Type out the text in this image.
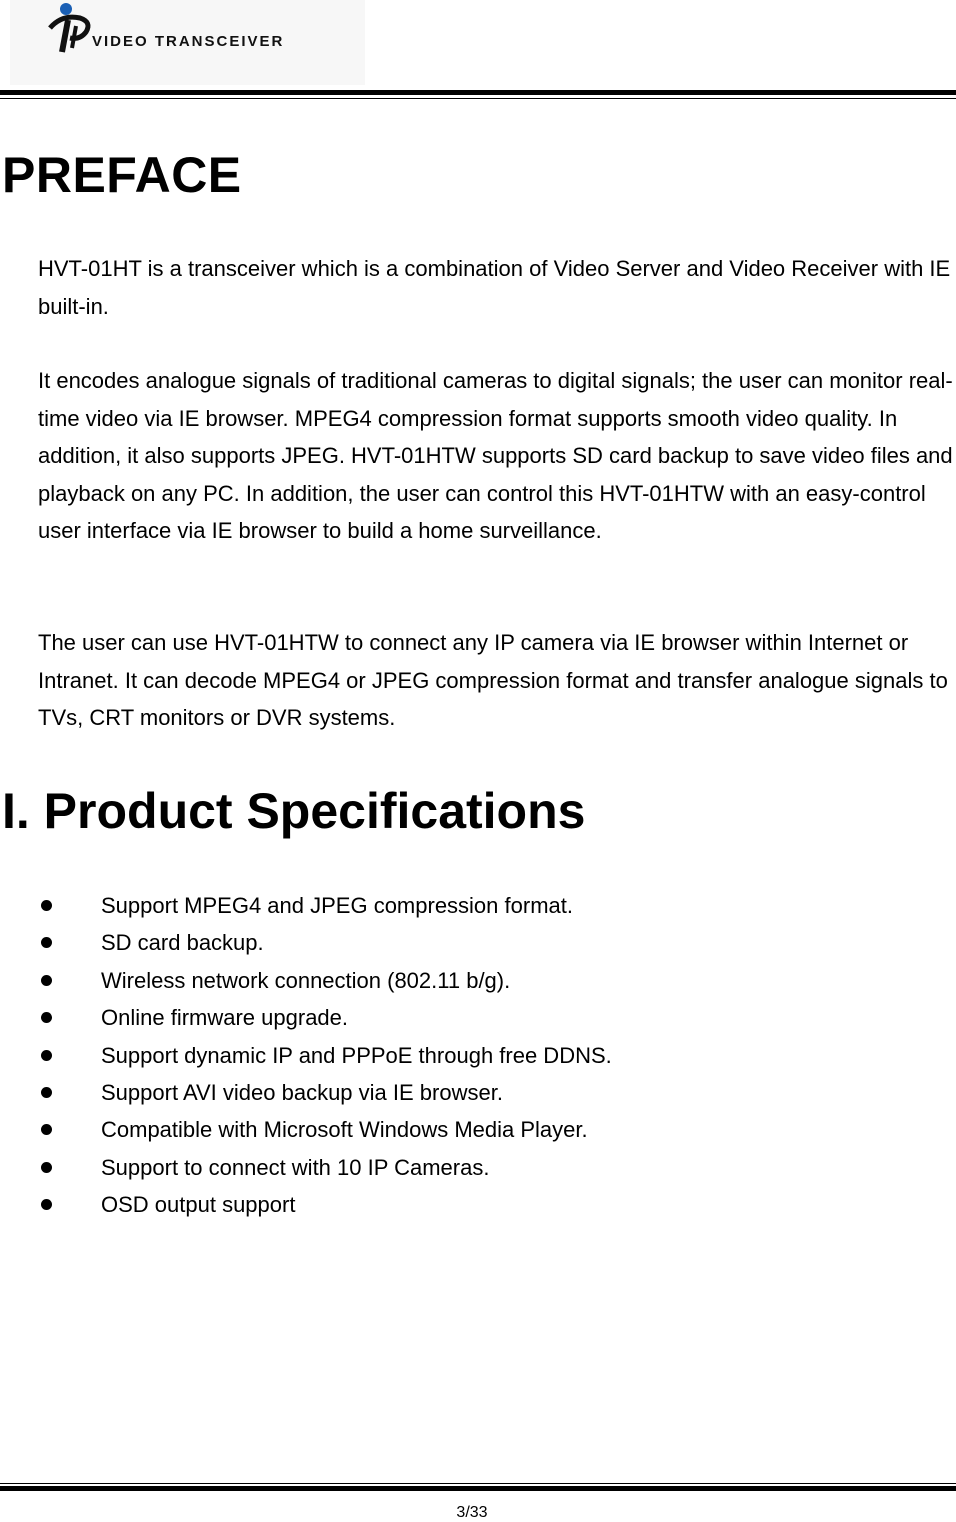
VIDEO TRANSCEIVER
PREFACE

HVT-01HT is a transceiver which is a combination of Video Server and Video Receiver with IE built-in.

It encodes analogue signals of traditional cameras to digital signals; the user can monitor real-time video via IE browser. MPEG4 compression format supports smooth video quality. In addition, it also supports JPEG. HVT-01HTW supports SD card backup to save video files and playback on any PC. In addition, the user can control this HVT-01HTW with an easy-control user interface via IE browser to build a home surveillance.

The user can use HVT-01HTW to connect any IP camera via IE browser within Internet or Intranet. It can decode MPEG4 or JPEG compression format and transfer analogue signals to TVs, CRT monitors or DVR systems.

I. Product Specifications
Support MPEG4 and JPEG compression format.
SD card backup.
Wireless network connection (802.11 b/g).
Online firmware upgrade.
Support dynamic IP and PPPoE through free DDNS.
Support AVI video backup via IE browser.
Compatible with Microsoft Windows Media Player.
Support to connect with 10 IP Cameras.
OSD output support
3/33
